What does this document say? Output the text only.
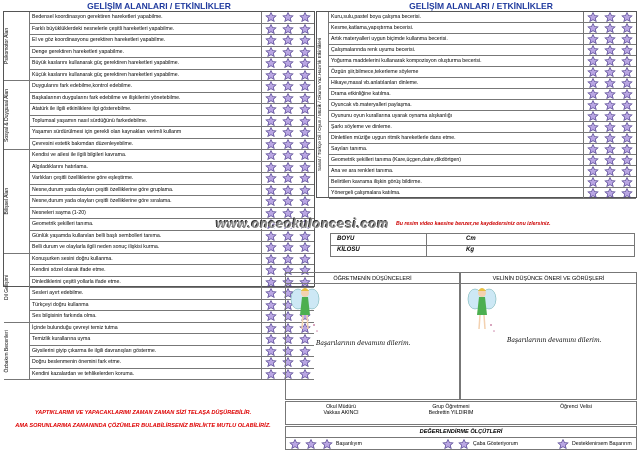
GELİŞİM ALANLARI / ETKİNLİKLER	GELİŞİM ALANLARI / ETKİNLİKLER
Bedensel koordinasyon gerektiren hareketleri yapabilme.
Farklı büyüklüklerdeki nesnelerle çeşitli hareketleri yapabilme.
El ve göz koordinasyonu gerektiren hareketleri yapabilme.
Denge gerektiren hareketleri yapabilme.
Büyük kaslarını kullanarak güç gerektiren hareketleri yapabilme.
Küçük kaslarını kullanarak güç gerektiren hareketleri yapabilme.
Psikomotor Alan
Duygularını fark edebilme,kontrol edebilme.
Başkalarının duygularını fark edebilme ve ilişkilerini yönetebilme.
Atatürk ile ilgili etkinliklere ilgi gösterebilme.
Toplumsal yaşamın nasıl sürdüğünü farkedebilme.
Yaşamın sürdürülmesi için gerekli olan kaynakları verimli kullanm
Çevresini estetik bakımdan düzenleyebilme.
Sosyal & Duygusal Alan
Kendisi ve ailesi ile ilgili bilgileri kavrama.
Algıladıklarını hatırlama.
Varlıkları çeşitli özelliklerine göre eşleştirme.
Nesne,durum yada olayları çeşitli özelliklerine göre gruplama.
Nesne,durum yada olayları çeşitli özelliklerine göre sıralama.
Nesneleri sayma (1-20)
Geometrik şekilleri tanıma.
Günlük yaşamda kullanılan belli başlı sembolleri tanıma.
Belli durum ve olaylarla ilgili neden sonuç ilişkisi kurma.
Bilişsel Alan
Konuşurken sesini doğru kullanma.
Kendini sözel olarak ifade etme.
Dinlediklerini çeşitli yollarla ifade etme.
Sesleri ayırt edebilme.
Türkçeyi doğru kullanma
Ses bilgisinin farkında olma.
Dil Gelişimi
İçinde bulunduğu çevreyi temiz tutma
Temizlik kurallarına uyma
Giysilerini giyip çıkarma ile ilgili davranışları gösterme.
Doğru beslenmenin önemini fark etme.
Kendini kazalardan ve tehlikelerden koruma.
Özbakım Becerileri
Kuru,sulu,pastel boya çalışma becerisi.
Kesme,katlama,yapıştırma becerisi.
Artık materyalleri uygun biçimde kullanma becerisi.
Çalışmalarında renk uyumu becerisi.
Yoğurma maddelerini kullanarak kompozisyon oluşturma becerisi.
Özgün şiir,bilmece,tekerleme söyleme
Hikaye,masal vb.anlatılanları dinleme.
Drama etkinliğine katılma.
Oyuncak vb.materyalleri paylaşma.
Oyununu oyun kurallarına uyarak oynama alışkanlığı
Şarkı söyleme ve dinleme.
Dinletilen müziğe uygun ritmik hareketlerle dans etme.
Sayıları tanıma.
Geometrik şekilleri tanıma (Kare,üçgen,daire,dikdörtgen)
Ana ve ara renkleri tanıma.
Belirtilen kavrama ilişkin görüş bildirme.
Yönergeli çalışmalara katılma.
Sanat / Türkçe Dil / Oyun / Müzik / Okuma Yaz.Hazırlık Etkinlikleri
www.onceokuloncesi.com Bu resim video kaesine benzer,ne kaydedersiniz onu izlersiniz.
BOYU	Cm
KİLOSU	Kg
ÖĞRETMENİN DÜŞÜNCELERİ
Başarılarının devamını dilerim.
VELİNİN DÜŞÜNCE ÖNERİ VE GÖRÜŞLERİ
Başarılarının devamını dilerim.
YAPTIKLARIMI VE YAPACAKLARIMI ZAMAN ZAMAN SİZİ TELAŞA DÜŞÜREBİLİR.
AMA SORUNLARIMA ZAMANINDA ÇÖZÜMLER BULABİLİRSENİZ BİRLİKTE MUTLU OLABİLİRİZ.
Okul Müdürü
Vakkas AKINCI
Grup Öğretmeni
Bedrettin YILDIRIM
Öğrenci Velisi
DEĞERLENDİRME ÖLÇÜTLERİ
Başarılıyım	Çaba Gösteriyorum	Desteklenirsem Başarırım
